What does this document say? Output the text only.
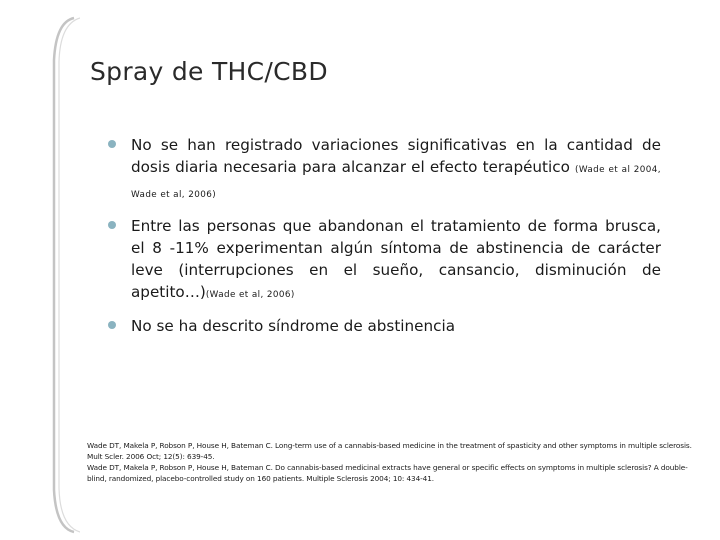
Spray de THC/CBD
No se han registrado variaciones significativas en la cantidad de dosis diaria necesaria para alcanzar el efecto terapéutico (Wade et al 2004, Wade et al, 2006)
Entre las personas que abandonan el tratamiento de forma brusca, el 8 -11% experimentan algún síntoma de abstinencia de carácter leve (interrupciones en el sueño, cansancio, disminución de apetito…)(Wade et al, 2006)
No se ha descrito síndrome de abstinencia

Wade DT, Makela P, Robson P, House H, Bateman C. Long-term use of a cannabis-based medicine in the treatment of spasticity and other symptoms in multiple sclerosis. Mult Scler. 2006 Oct; 12(5): 639-45.

Wade DT, Makela P, Robson P, House H, Bateman C. Do cannabis-based medicinal extracts have general or specific effects on symptoms in multiple sclerosis? A double-blind, randomized, placebo-controlled study on 160 patients. Multiple Sclerosis 2004; 10: 434-41.
